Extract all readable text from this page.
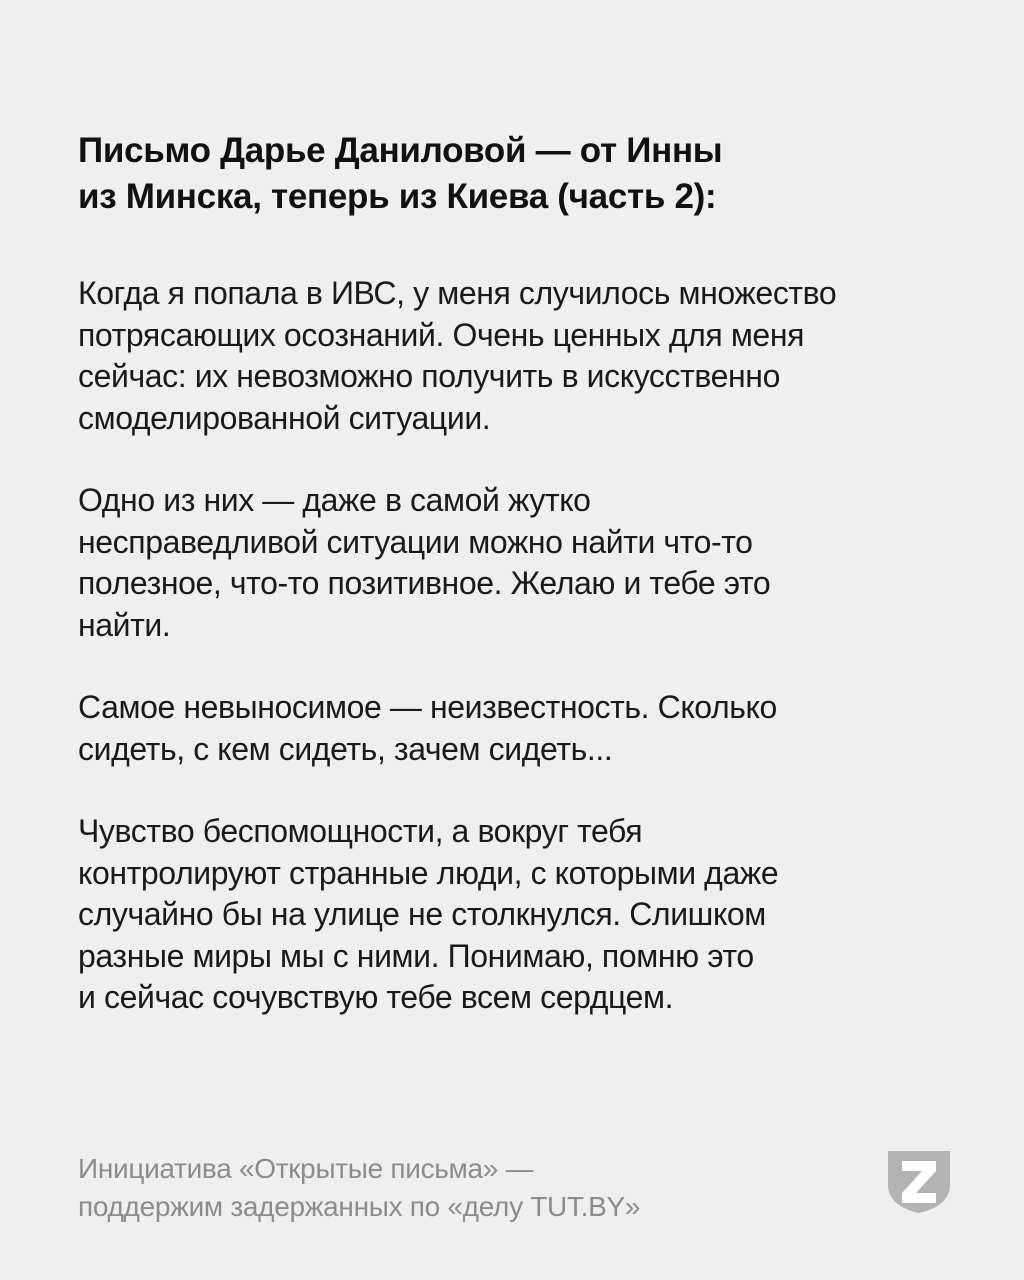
Письмо Дарье Даниловой — от Инны
из Минска, теперь из Киева (часть 2):

Когда я попала в ИВС, у меня случилось множество
потрясающих осознаний. Очень ценных для меня
сейчас: их невозможно получить в искусственно
смоделированной ситуации.

Одно из них — даже в самой жутко
несправедливой ситуации можно найти что-то
полезное, что-то позитивное. Желаю и тебе это
найти.

Самое невыносимое — неизвестность. Сколько
сидеть, с кем сидеть, зачем сидеть...

Чувство беспомощности, а вокруг тебя
контролируют странные люди, с которыми даже
случайно бы на улице не столкнулся. Слишком
разные миры мы с ними. Понимаю, помню это
и сейчас сочувствую тебе всем сердцем.

Инициатива «Открытые письма» —
поддержим задержанных по «делу TUT.BY»
